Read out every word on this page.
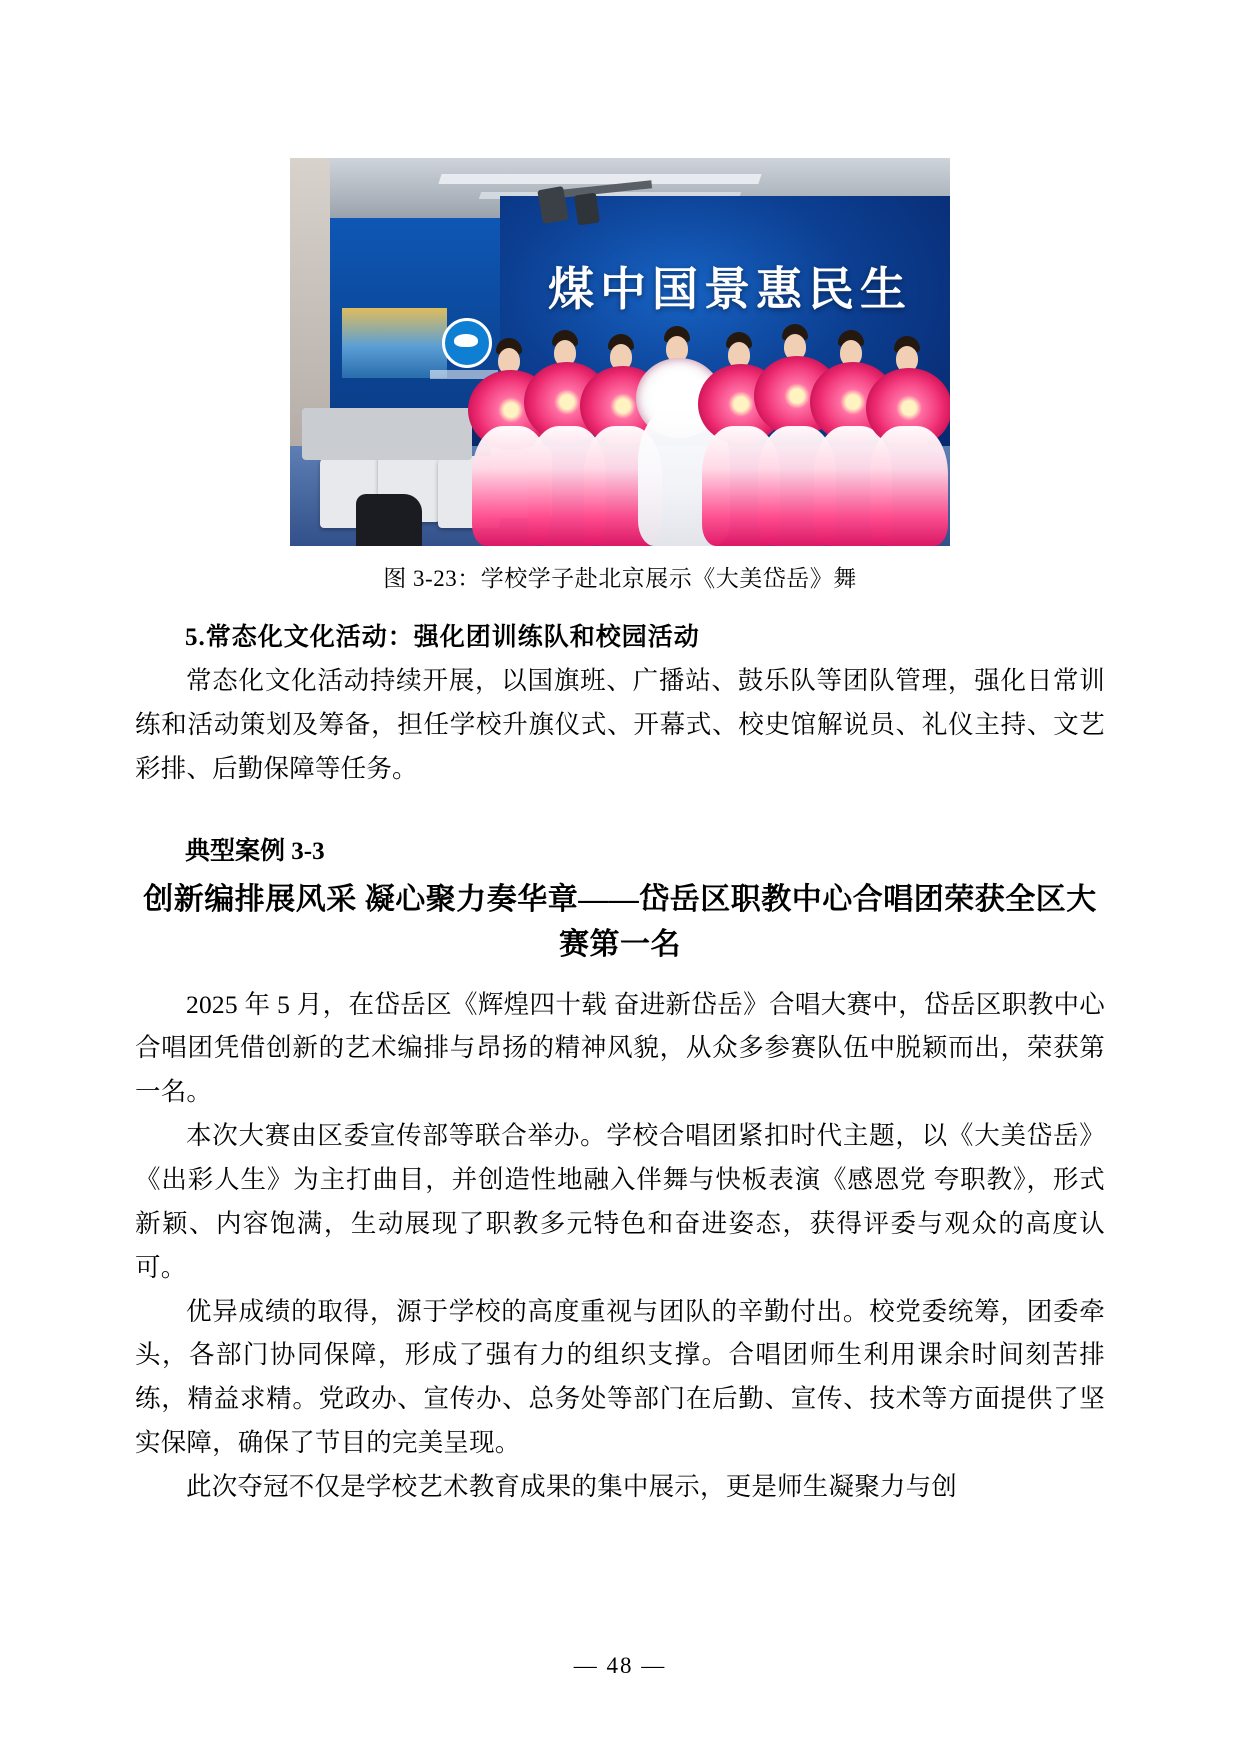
煤中国景惠民生
图 3-23：学校学子赴北京展示《大美岱岳》舞
5.常态化文化活动：强化团训练队和校园活动

常态化文化活动持续开展，以国旗班、广播站、鼓乐队等团队管理，强化日常训练和活动策划及筹备，担任学校升旗仪式、开幕式、校史馆解说员、礼仪主持、文艺彩排、后勤保障等任务。

典型案例 3-3
创新编排展风采 凝心聚力奏华章——岱岳区职教中心合唱团荣获全区大赛第一名

2025 年 5 月，在岱岳区《辉煌四十载 奋进新岱岳》合唱大赛中，岱岳区职教中心合唱团凭借创新的艺术编排与昂扬的精神风貌，从众多参赛队伍中脱颖而出，荣获第一名。

本次大赛由区委宣传部等联合举办。学校合唱团紧扣时代主题，以《大美岱岳》《出彩人生》为主打曲目，并创造性地融入伴舞与快板表演《感恩党 夸职教》，形式新颖、内容饱满，生动展现了职教多元特色和奋进姿态，获得评委与观众的高度认可。

优异成绩的取得，源于学校的高度重视与团队的辛勤付出。校党委统筹，团委牵头，各部门协同保障，形成了强有力的组织支撑。合唱团师生利用课余时间刻苦排练，精益求精。党政办、宣传办、总务处等部门在后勤、宣传、技术等方面提供了坚实保障，确保了节目的完美呈现。

此次夺冠不仅是学校艺术教育成果的集中展示，更是师生凝聚力与创

— 48 —
